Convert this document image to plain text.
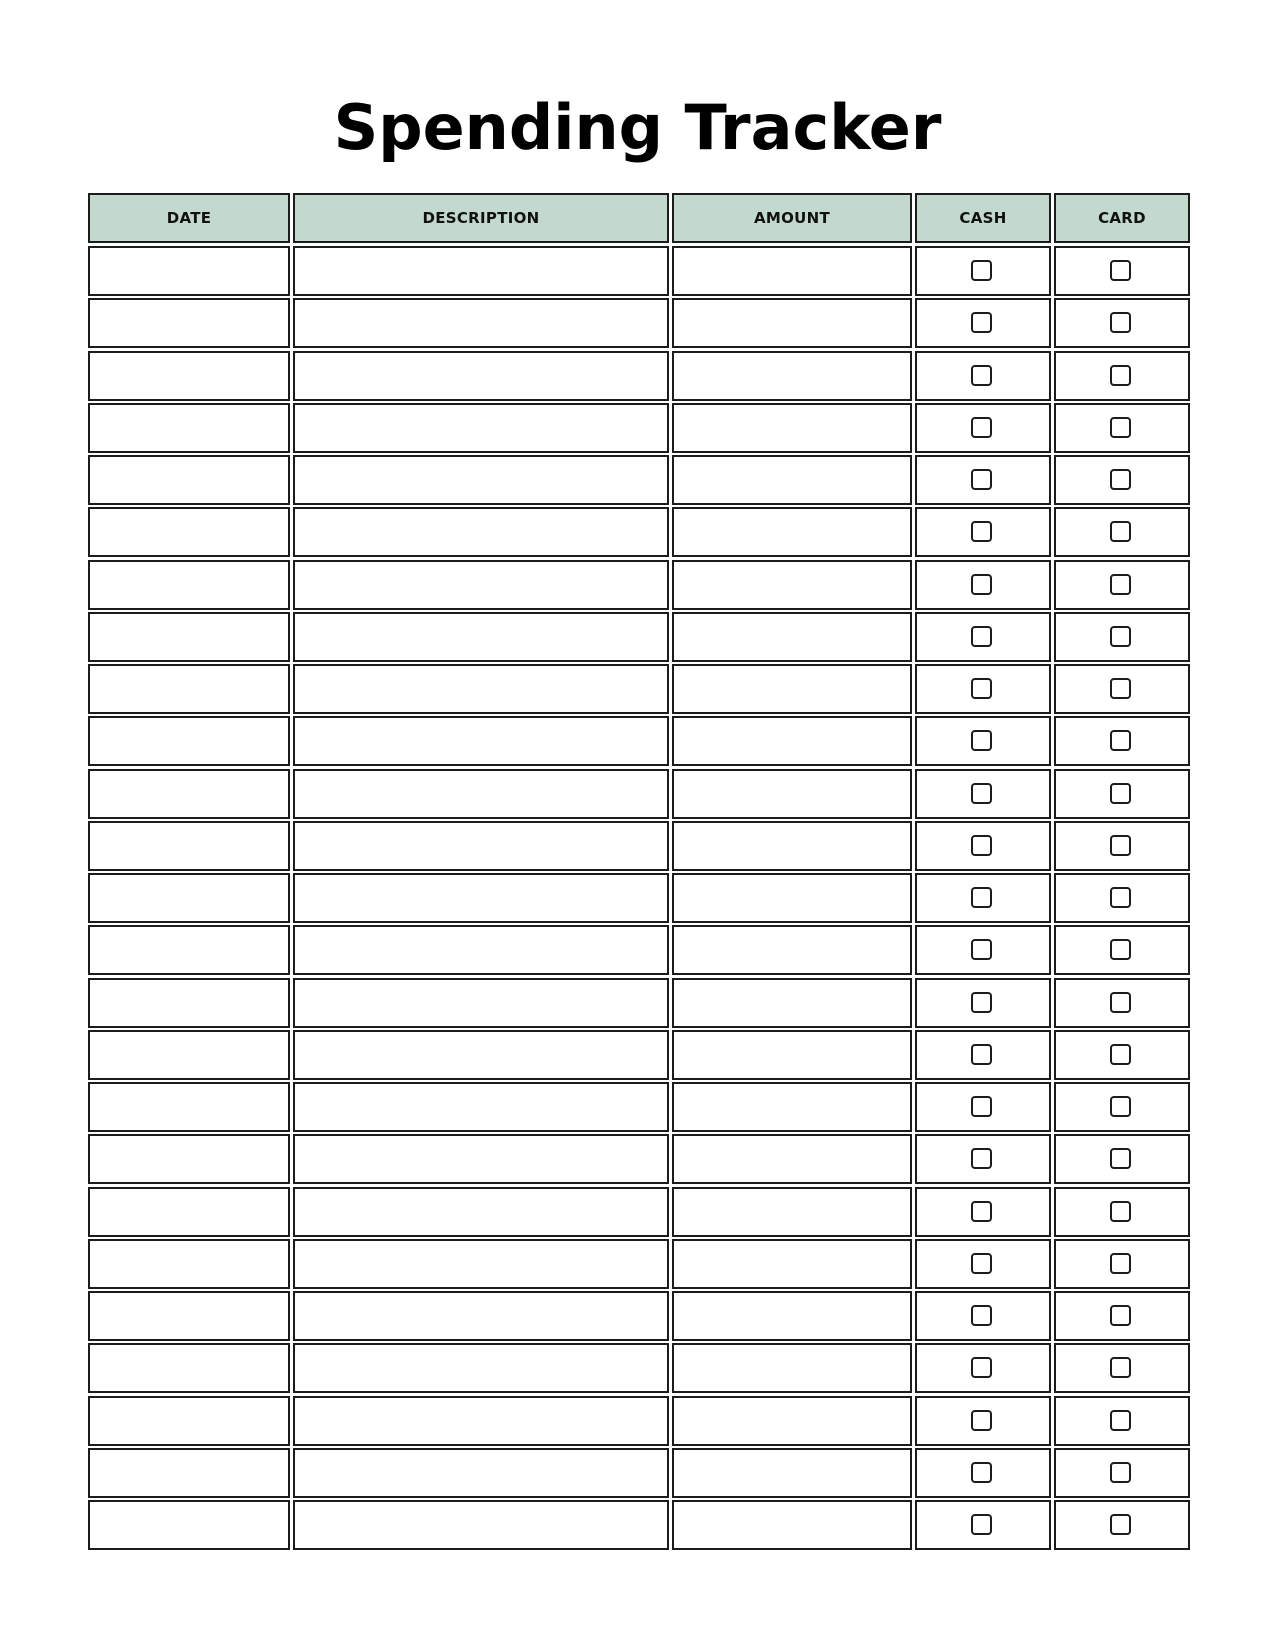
Spending Tracker
DATE	DESCRIPTION	AMOUNT	CASH	CARD
